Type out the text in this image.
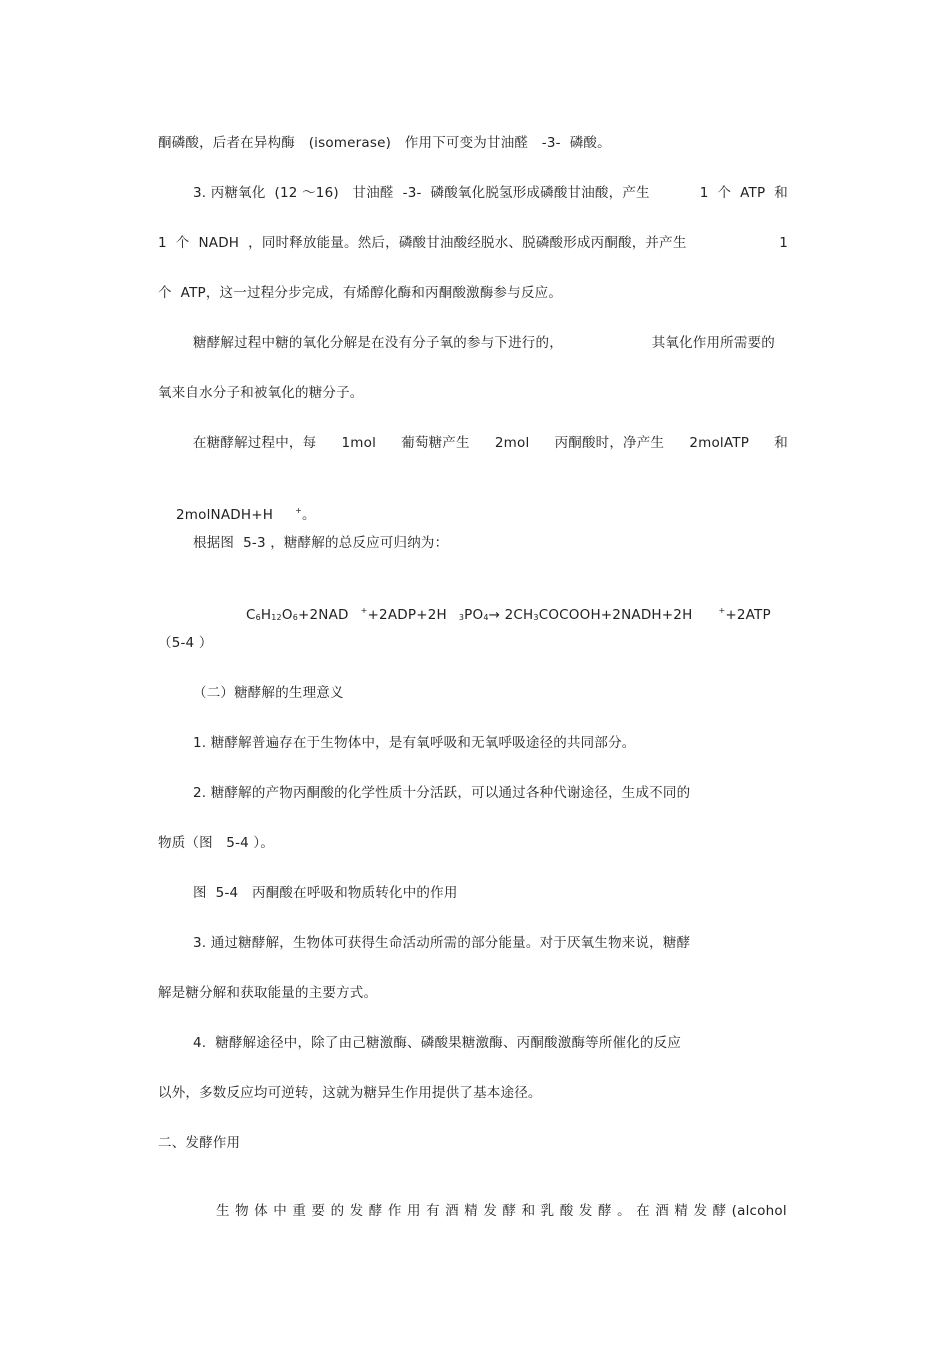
酮磷酸，后者在异构酶　(isomerase)　作用下可变为甘油醛　-3-  磷酸。
3. 丙糖氧化  (12 ～16)　甘油醛  -3-  磷酸氧化脱氢形成磷酸甘油酸，产生	1  个  ATP  和
1  个  NADH  ，同时释放能量。然后，磷酸甘油酸经脱水、脱磷酸形成丙酮酸，并产生	1
个  ATP，这一过程分步完成，有烯醇化酶和丙酮酸激酶参与反应。
糖酵解过程中糖的氧化分解是在没有分子氧的参与下进行的，	其氧化作用所需要的
氧来自水分子和被氧化的糖分子。
在糖酵解过程中，每 1mol 葡萄糖产生 2mol 丙酮酸时，净产生 2molATP 和

2molNADH+H	+。

根据图  5-3 ，糖酵解的总反应可归纳为：

C6H12O6+2NAD ++2ADP+2H 3PO4→ 2CH3COCOOH+2NADH+2H	++2ATP

（5-4 ）
（二）糖酵解的生理意义
1. 糖酵解普遍存在于生物体中，是有氧呼吸和无氧呼吸途径的共同部分。
2. 糖酵解的产物丙酮酸的化学性质十分活跃，可以通过各种代谢途径，生成不同的
物质（图   5-4 ）。
图  5-4　丙酮酸在呼吸和物质转化中的作用
3. 通过糖酵解，生物体可获得生命活动所需的部分能量。对于厌氧生物来说，糖酵
解是糖分解和获取能量的主要方式。
4.  糖酵解途径中，除了由己糖激酶、磷酸果糖激酶、丙酮酸激酶等所催化的反应
以外，多数反应均可逆转，这就为糖异生作用提供了基本途径。
二、发酵作用

生物体中重要的发酵作用有酒精发酵和乳酸发酵。在酒精发酵(alcohol
